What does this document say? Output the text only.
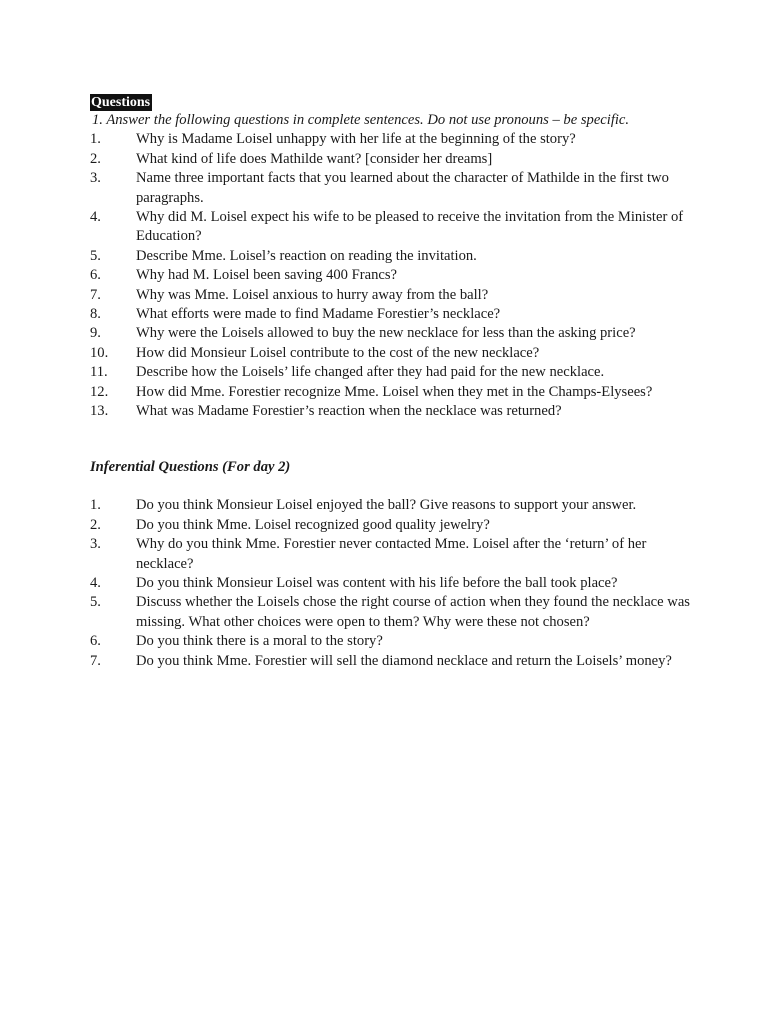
Questions

1. Answer the following questions in complete sentences. Do not use pronouns – be specific.

1.	Why is Madame Loisel unhappy with her life at the beginning of the story?
2.	What kind of life does Mathilde want? [consider her dreams]
3.	Name three important facts that you learned about the character of Mathilde in the first two paragraphs.
4.	Why did M. Loisel expect his wife to be pleased to receive the invitation from the Minister of Education?
5.	Describe Mme. Loisel’s reaction on reading the invitation.
6.	Why had M. Loisel been saving 400 Francs?
7.	Why was Mme. Loisel anxious to hurry away from the ball?
8.	What efforts were made to find Madame Forestier’s necklace?
9.	Why were the Loisels allowed to buy the new necklace for less than the asking price?
10.	How did Monsieur Loisel contribute to the cost of the new necklace?
11.	Describe how the Loisels’ life changed after they had paid for the new necklace.
12.	How did Mme. Forestier recognize Mme. Loisel when they met in the Champs-Elysees?
13.	What was Madame Forestier’s reaction when the necklace was returned?
Inferential Questions (For day 2)
1.	Do you think Monsieur Loisel enjoyed the ball? Give reasons to support your answer.
2.	Do you think Mme. Loisel recognized good quality jewelry?
3.	Why do you think Mme. Forestier never contacted Mme. Loisel after the ‘return’ of her necklace?
4.	Do you think Monsieur Loisel was content with his life before the ball took place?
5.	Discuss whether the Loisels chose the right course of action when they found the necklace was missing. What other choices were open to them? Why were these not chosen?
6.	Do you think there is a moral to the story?
7.	Do you think Mme. Forestier will sell the diamond necklace and return the Loisels’ money?
